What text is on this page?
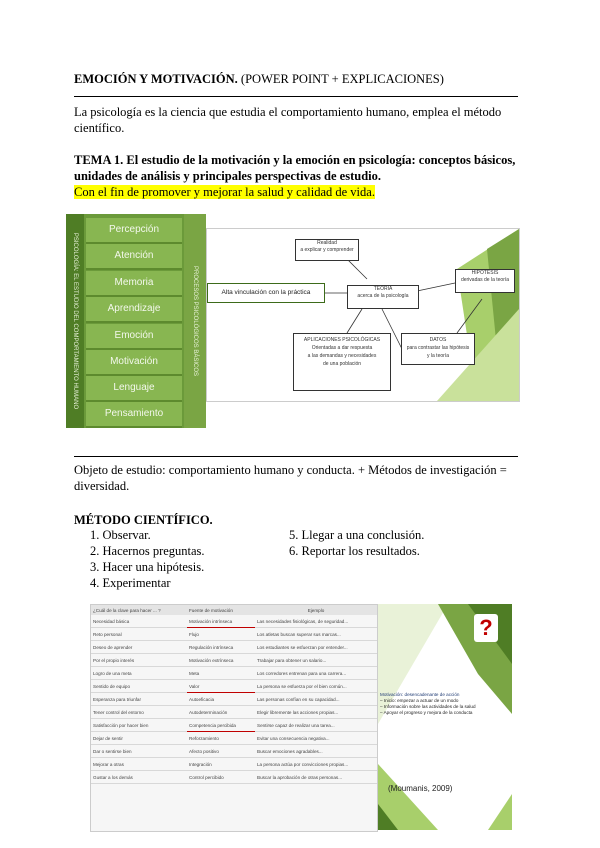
EMOCIÓN Y MOTIVACIÓN. (POWER POINT + EXPLICACIONES)
La psicología es la ciencia que estudia el comportamiento humano, emplea el método científico.
TEMA 1. El estudio de la motivación y la emoción en psicología: conceptos básicos,
unidades de análisis y principales perspectivas de estudio.
Con el fin de promover y mejorar la salud y calidad de vida.
PSICOLOGÍA: EL ESTUDIO DEL COMPORTAMIENTO HUMANO
Percepción
Atención
Memoria
Aprendizaje
Emoción
Motivación
Lenguaje
Pensamiento
PROCESOS PSICOLÓGICOS BÁSICOS	Alta vinculación con la práctica
Realidad
a explicar y comprender
TEORÍA
acerca de la psicología
HIPÓTESIS
derivadas de la teoría
APLICACIONES PSICOLÓGICAS
Orientadas a dar respuesta
a las demandas y necesidades
de una población
DATOS
para contrastar las hipótesis
y la teoría
Objeto de estudio: comportamiento humano y conducta. + Métodos de investigación =
diversidad.
MÉTODO CIENTÍFICO.
1. Observar.
2. Hacernos preguntas.
3. Hacer una hipótesis.
4. Experimentar
5. Llegar a una conclusión.
6. Reportar los resultados.
¿Cuál de la clave para hacer ... ?	Fuente de motivación	Ejemplo
Necesidad básica	Motivación intrínseca	Las necesidades fisiológicas, de seguridad...
Reto personal	Flujo	Los atletas buscan superar sus marcas...
Deseo de aprender	Regulación intrínseca	Los estudiantes se esfuerzan por entender...
Por el propio interés	Motivación extrínseca	Trabajar para obtener un salario...
Logro de una meta	Meta	Los corredores entrenan para una carrera...
Sentido de equipo	Valor	La persona se esfuerza por el bien común...
Esperanza para triunfar	Autoeficacia	Las personas confían en su capacidad...
Tener control del entorno	Autodeterminación	Elegir libremente las acciones propias...
Satisfacción por hacer bien	Competencia percibida	Sentirse capaz de realizar una tarea...
Dejar de sentir	Reforzamiento	Evitar una consecuencia negativa...
Dar o sentirse bien	Afecto positivo	Buscar emociones agradables...
Mejorar a otras	Integración	La persona actúa por convicciones propias...
Gustar a los demás	Control percibido	Buscar la aprobación de otras personas...
?
Motivación: desencadenante de acción
– Inicio: empezar a actuar de un modo
– Información sobre las actividades de la salud
– Apoyar el progreso y mejora de la conducta
(Moumanis, 2009)
